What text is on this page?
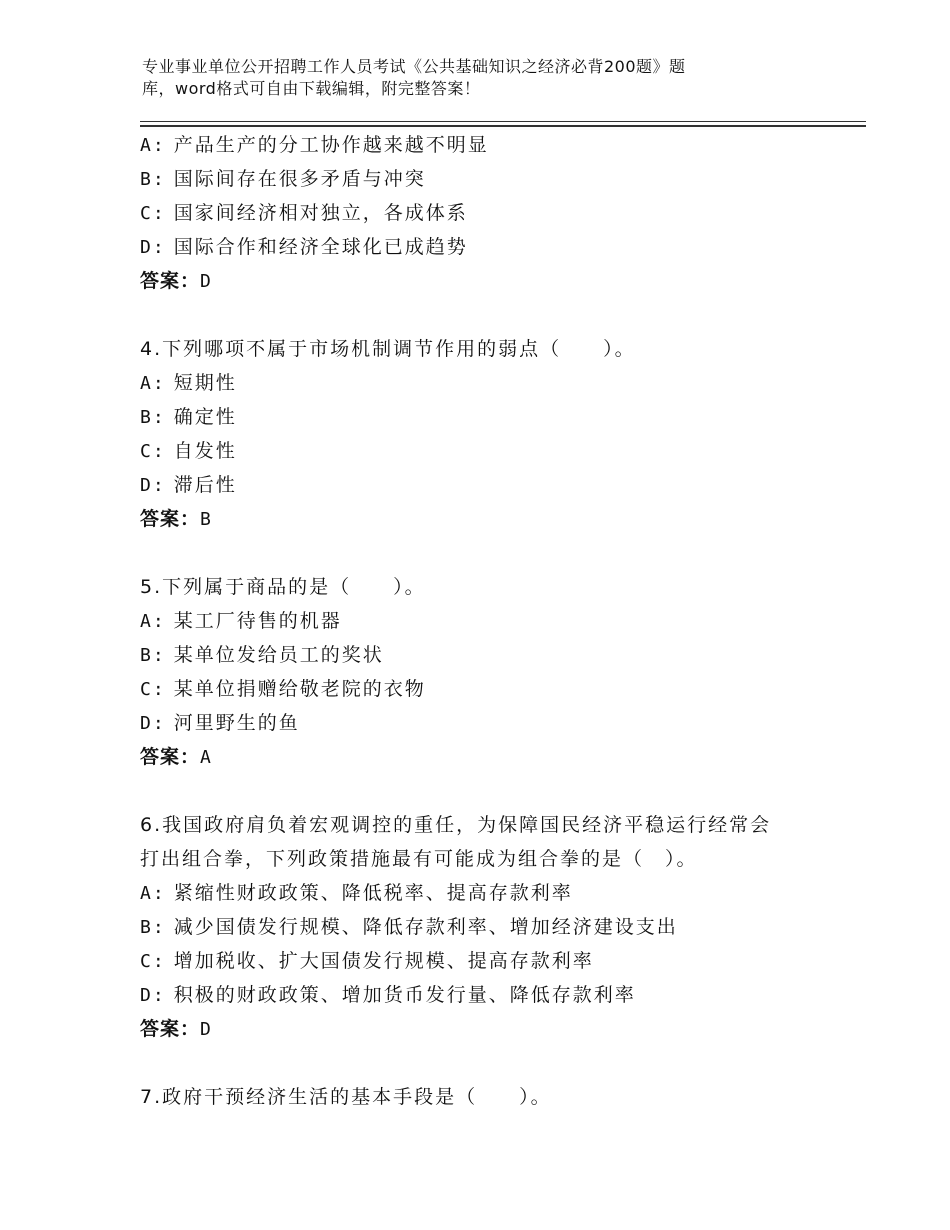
专业事业单位公开招聘工作人员考试《公共基础知识之经济必背200题》题
库，word格式可自由下载编辑，附完整答案！
A: 产品生产的分工协作越来越不明显
B: 国际间存在很多矛盾与冲突
C: 国家间经济相对独立，各成体系
D: 国际合作和经济全球化已成趋势
答案：D
4.下列哪项不属于市场机制调节作用的弱点（　　）。
A: 短期性
B: 确定性
C: 自发性
D: 滞后性
答案：B
5.下列属于商品的是（　　）。
A: 某工厂待售的机器
B: 某单位发给员工的奖状
C: 某单位捐赠给敬老院的衣物
D: 河里野生的鱼
答案：A
6.我国政府肩负着宏观调控的重任，为保障国民经济平稳运行经常会
打出组合拳，下列政策措施最有可能成为组合拳的是（　）。
A: 紧缩性财政政策、降低税率、提高存款利率
B: 减少国债发行规模、降低存款利率、增加经济建设支出
C: 增加税收、扩大国债发行规模、提高存款利率
D: 积极的财政政策、增加货币发行量、降低存款利率
答案：D
7.政府干预经济生活的基本手段是（　　）。
